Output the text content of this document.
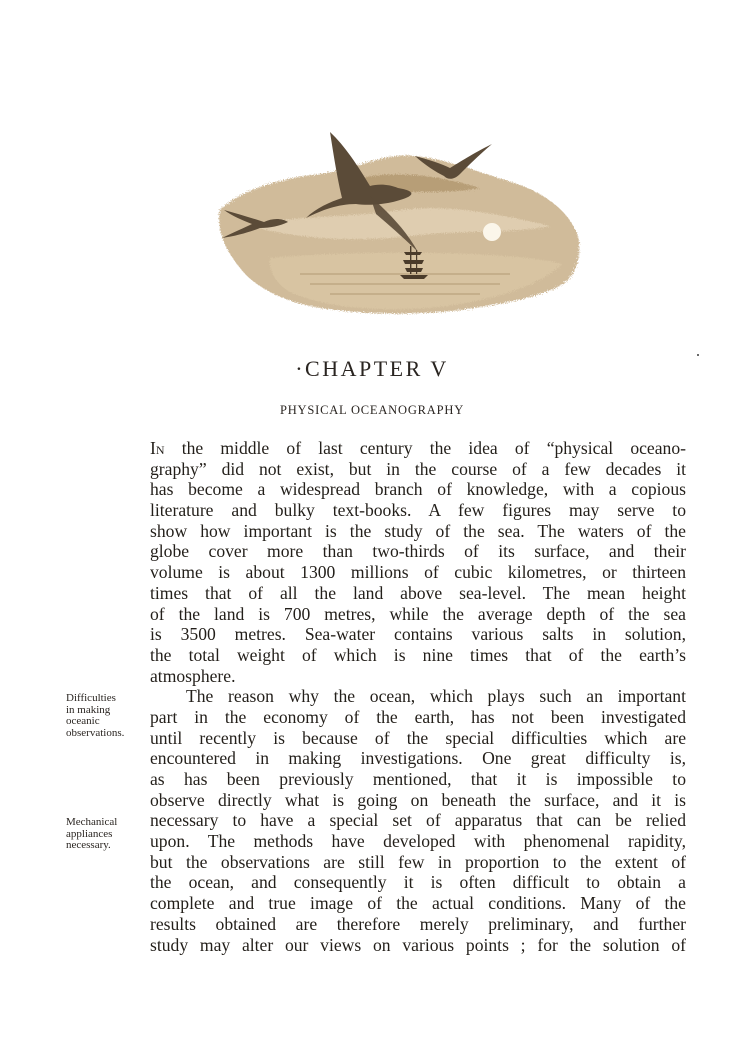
·CHAPTER V
PHYSICAL OCEANOGRAPHY
In the middle of last century the idea of “physical oceano-
graphy” did not exist, but in the course of a few decades it
has become a widespread branch of knowledge, with a copious
literature and bulky text-books. A few figures may serve to
show how important is the study of the sea. The waters of the
globe cover more than two-thirds of its surface, and their
volume is about 1300 millions of cubic kilometres, or thirteen
times that of all the land above sea-level. The mean height
of the land is 700 metres, while the average depth of the sea
is 3500 metres. Sea-water contains various salts in solution,
the total weight of which is nine times that of the earth’s
atmosphere.
The reason why the ocean, which plays such an important
part in the economy of the earth, has not been investigated
until recently is because of the special difficulties which are
encountered in making investigations. One great difficulty is,
as has been previously mentioned, that it is impossible to
observe directly what is going on beneath the surface, and it is
necessary to have a special set of apparatus that can be relied
upon. The methods have developed with phenomenal rapidity,
but the observations are still few in proportion to the extent of
the ocean, and consequently it is often difficult to obtain a
complete and true image of the actual conditions. Many of the
results obtained are therefore merely preliminary, and further
study may alter our views on various points ; for the solution of
Difficulties
in making
oceanic
observations.
Mechanical
appliances
necessary.
